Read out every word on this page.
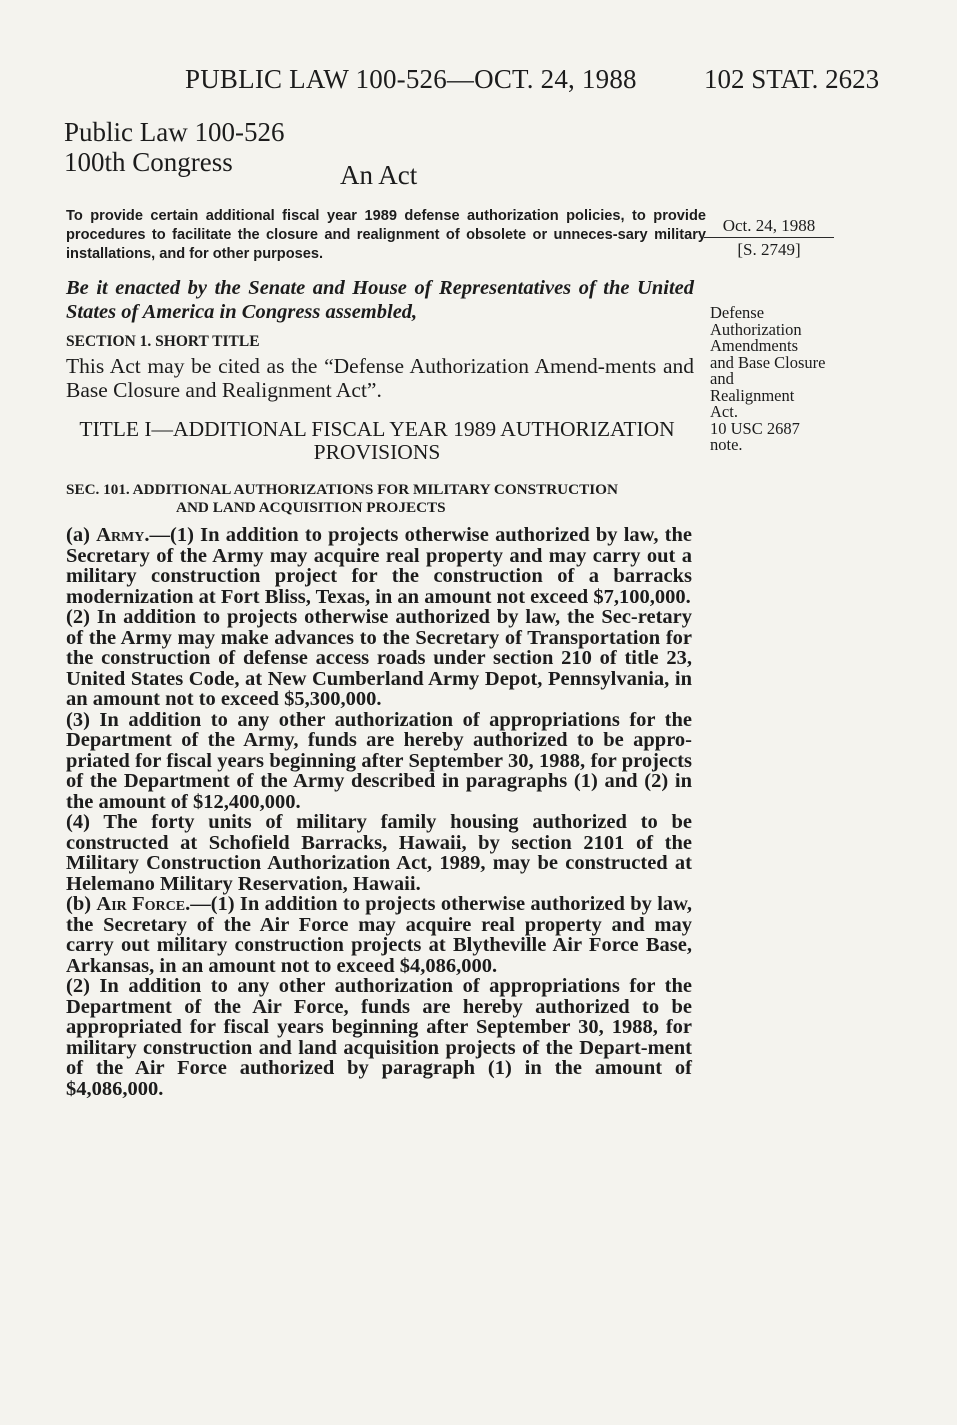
PUBLIC LAW 100-526—OCT. 24, 1988 102 STAT. 2623
Public Law 100-526
100th Congress	An Act
To provide certain additional fiscal year 1989 defense authorization policies, to provide procedures to facilitate the closure and realignment of obsolete or unneces-sary military installations, and for other purposes.
Oct. 24, 1988
[S. 2749]
Be it enacted by the Senate and House of Representatives of the United States of America in Congress assembled,
SECTION 1. SHORT TITLE
This Act may be cited as the “Defense Authorization Amend-ments and Base Closure and Realignment Act”.
Defense
Authorization
Amendments
and Base Closure
and
Realignment
Act.
10 USC 2687
note.
TITLE I—ADDITIONAL FISCAL YEAR 1989 AUTHORIZATION
PROVISIONS
SEC. 101. ADDITIONAL AUTHORIZATIONS FOR MILITARY CONSTRUCTION
AND LAND ACQUISITION PROJECTS

(a) Army.—(1) In addition to projects otherwise authorized by law, the Secretary of the Army may acquire real property and may carry out a military construction project for the construction of a barracks modernization at Fort Bliss, Texas, in an amount not exceed $7,100,000.

(2) In addition to projects otherwise authorized by law, the Sec-retary of the Army may make advances to the Secretary of Transportation for the construction of defense access roads under section 210 of title 23, United States Code, at New Cumberland Army Depot, Pennsylvania, in an amount not to exceed $5,300,000.

(3) In addition to any other authorization of appropriations for the Department of the Army, funds are hereby authorized to be appro-priated for fiscal years beginning after September 30, 1988, for projects of the Department of the Army described in paragraphs (1) and (2) in the amount of $12,400,000.

(4) The forty units of military family housing authorized to be constructed at Schofield Barracks, Hawaii, by section 2101 of the Military Construction Authorization Act, 1989, may be constructed at Helemano Military Reservation, Hawaii.

(b) Air Force.—(1) In addition to projects otherwise authorized by law, the Secretary of the Air Force may acquire real property and may carry out military construction projects at Blytheville Air Force Base, Arkansas, in an amount not to exceed $4,086,000.

(2) In addition to any other authorization of appropriations for the Department of the Air Force, funds are hereby authorized to be appropriated for fiscal years beginning after September 30, 1988, for military construction and land acquisition projects of the Depart-ment of the Air Force authorized by paragraph (1) in the amount of $4,086,000.
